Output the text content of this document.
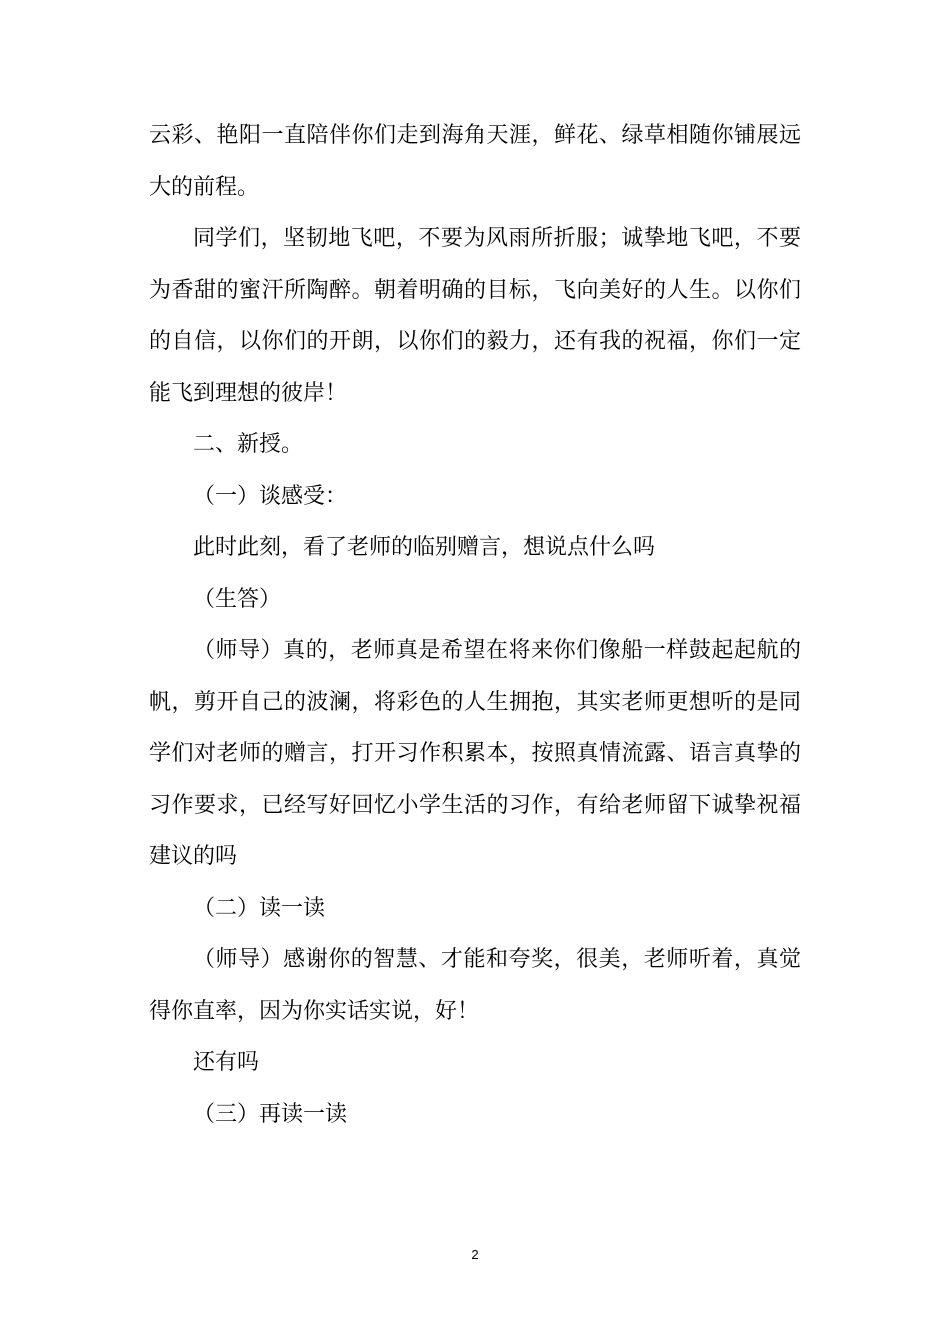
云彩、艳阳一直陪伴你们走到海角天涯，鲜花、绿草相随你铺展远大的前程。

同学们，坚韧地飞吧，不要为风雨所折服；诚挚地飞吧，不要为香甜的蜜汗所陶醉。朝着明确的目标，飞向美好的人生。以你们的自信，以你们的开朗，以你们的毅力，还有我的祝福，你们一定能飞到理想的彼岸！

二、新授。

（一）谈感受：

此时此刻，看了老师的临别赠言，想说点什么吗

（生答）

（师导）真的，老师真是希望在将来你们像船一样鼓起起航的帆，剪开自己的波澜，将彩色的人生拥抱，其实老师更想听的是同学们对老师的赠言，打开习作积累本，按照真情流露、语言真挚的习作要求，已经写好回忆小学生活的习作，有给老师留下诚挚祝福建议的吗

（二）读一读

（师导）感谢你的智慧、才能和夸奖，很美，老师听着，真觉得你直率，因为你实话实说，好！

还有吗

（三）再读一读

2
